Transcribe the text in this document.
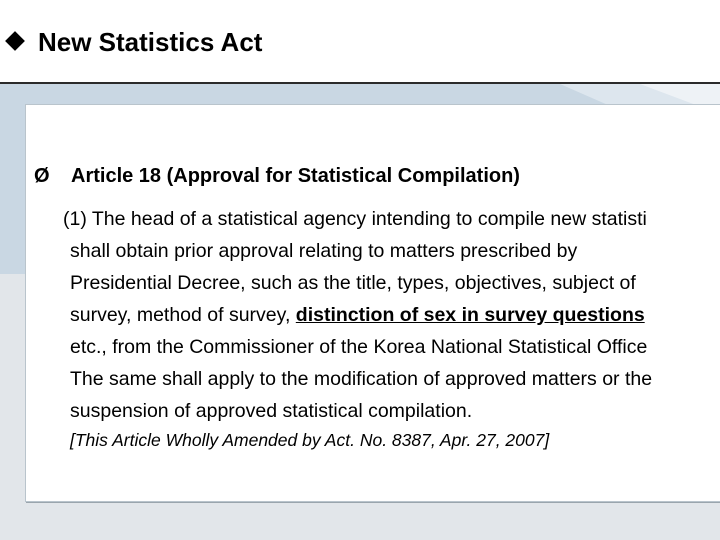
New Statistics Act
Ø Article 18 (Approval for Statistical Compilation)
(1) The head of a statistical agency intending to compile new statisti
shall obtain prior approval relating to matters prescribed by
Presidential Decree, such as the title, types, objectives, subject of
survey, method of survey, distinction of sex in survey questions
etc., from the Commissioner of the Korea National Statistical Office
The same shall apply to the modification of approved matters or the
suspension of approved statistical compilation.
[This Article Wholly Amended by Act. No. 8387, Apr. 27, 2007]
